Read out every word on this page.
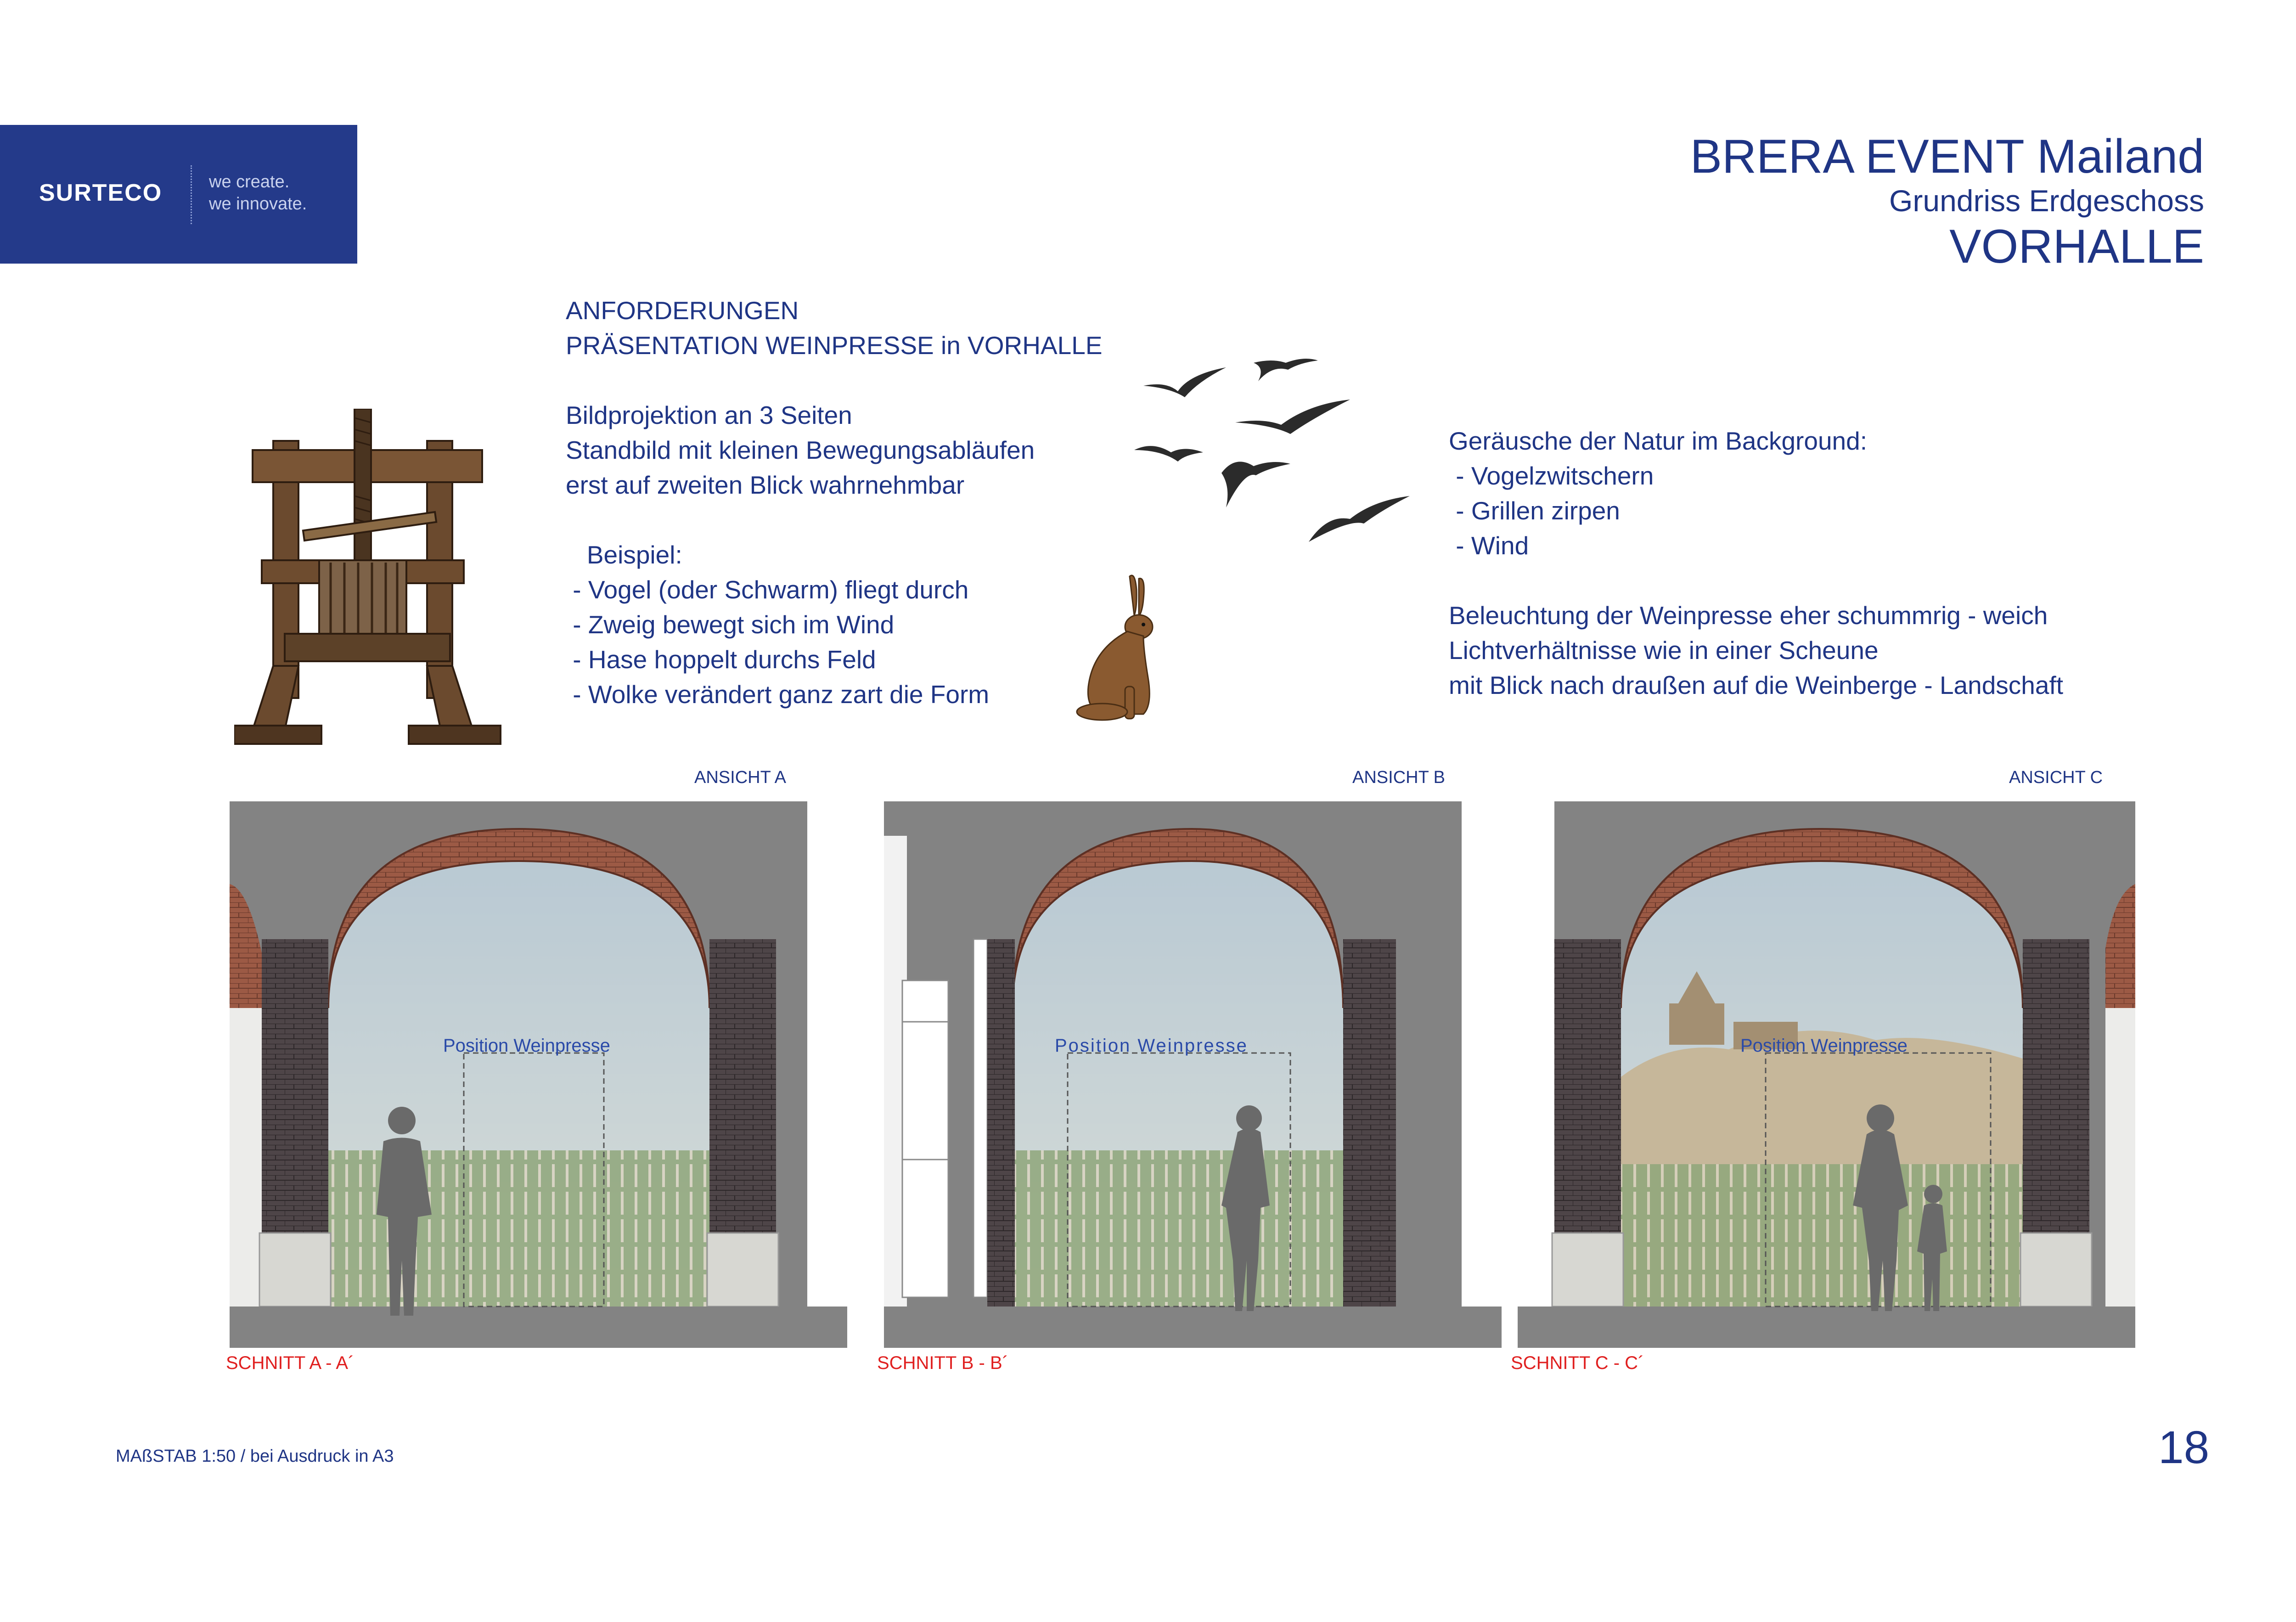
SURTECO	we create.
we innovate.
BRERA EVENT Mailand
Grundriss Erdgeschoss
VORHALLE
ANFORDERUNGEN
PRÄSENTATION WEINPRESSE in VORHALLE
Bildprojektion an 3 Seiten
Standbild mit kleinen Bewegungsabläufen
erst auf zweiten Blick wahrnehmbar
Beispiel:
- Vogel (oder Schwarm) fliegt durch
- Zweig bewegt sich im Wind
- Hase hoppelt durchs Feld
- Wolke verändert ganz zart die Form
Geräusche der Natur im Background:
- Vogelzwitschern
- Grillen zirpen
- Wind
Beleuchtung der Weinpresse eher schummrig - weich
Lichtverhältnisse wie in einer Scheune
mit Blick nach draußen auf die Weinberge - Landschaft
ANSICHT A	ANSICHT B	ANSICHT C
Position Weinpresse	Position Weinpresse	Position Weinpresse
SCHNITT A - A´	SCHNITT B - B´	SCHNITT C - C´
MAßSTAB 1:50 / bei Ausdruck in A3	18
